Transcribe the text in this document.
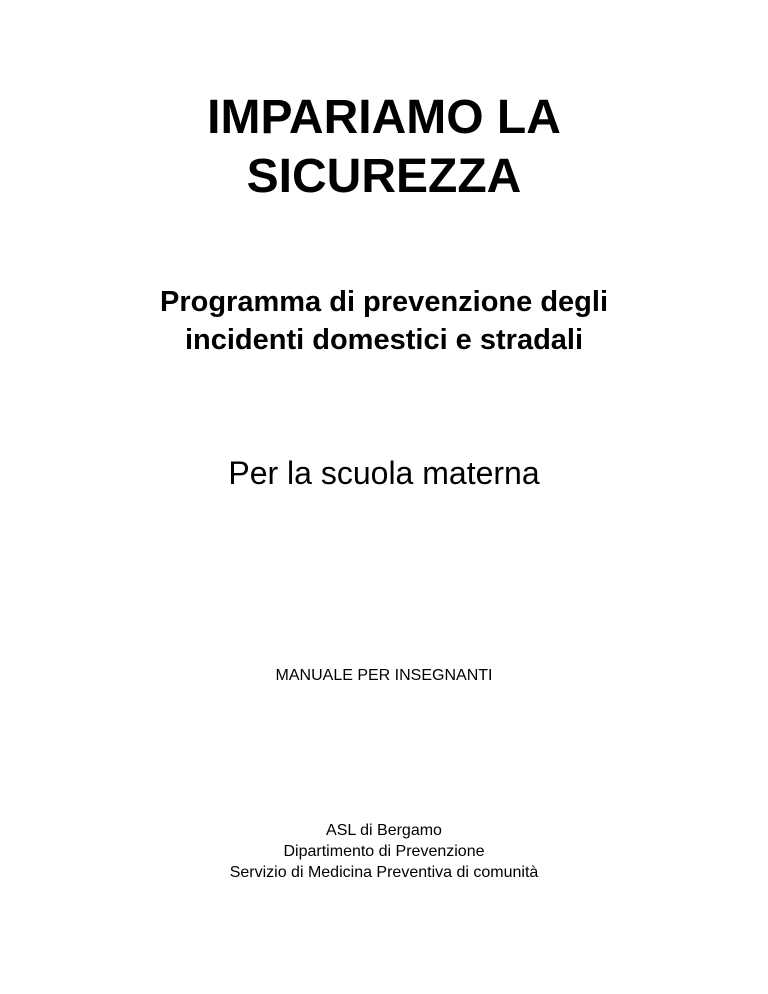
IMPARIAMO LA
SICUREZZA
Programma di prevenzione degli
incidenti domestici e stradali

Per la scuola materna

MANUALE PER INSEGNANTI

ASL di Bergamo
Dipartimento di Prevenzione
Servizio di Medicina Preventiva di comunità
